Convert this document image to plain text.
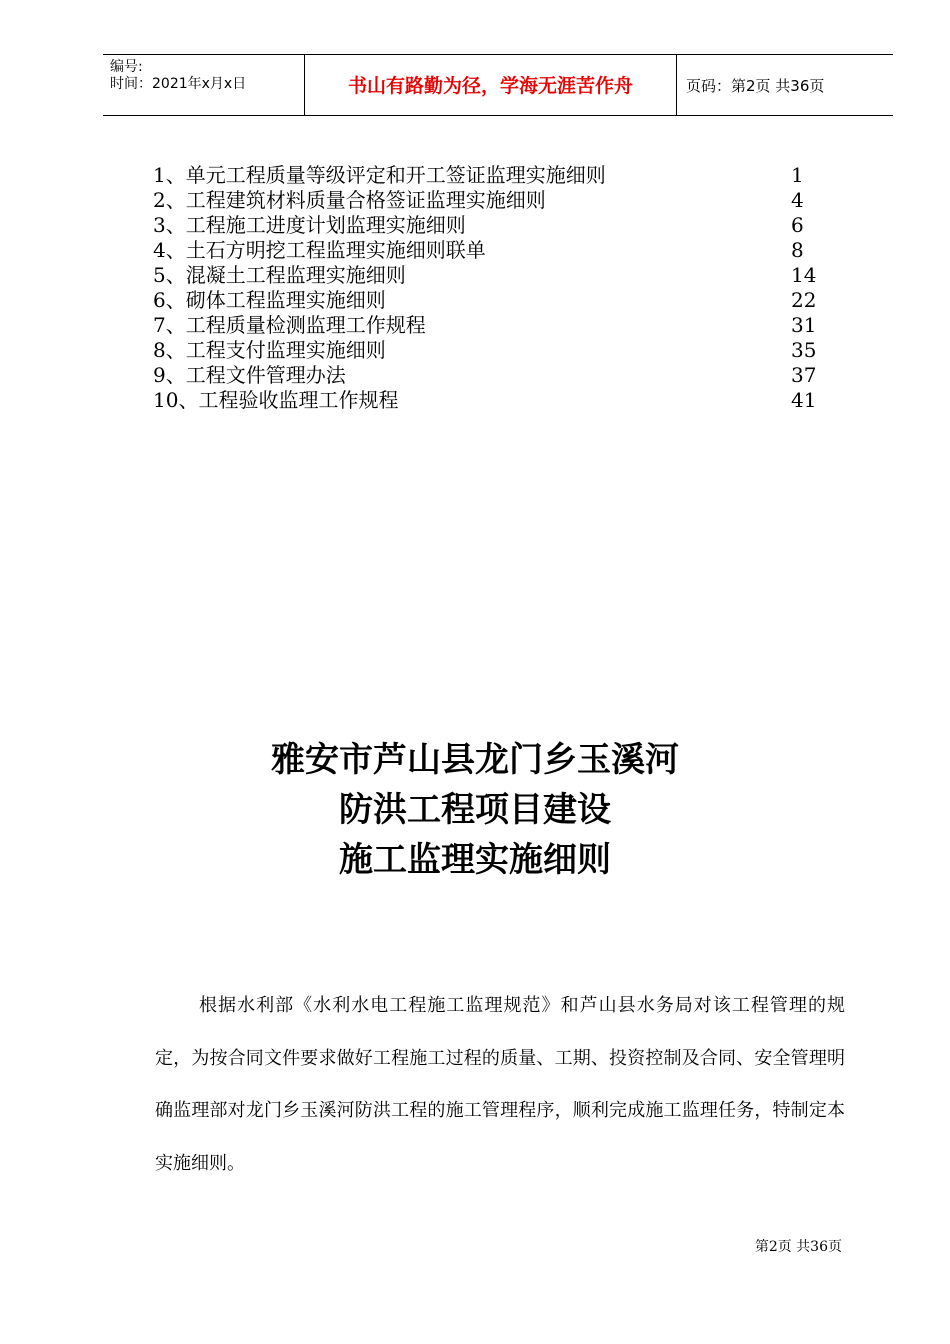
编号:
时间：2021年x月x日	书山有路勤为径，学海无涯苦作舟	页码：第2页 共36页
1、单元工程质量等级评定和开工签证监理实施细则	1
2、工程建筑材料质量合格签证监理实施细则	4
3、工程施工进度计划监理实施细则	6
4、土石方明挖工程监理实施细则联单	8
5、混凝土工程监理实施细则	14
6、砌体工程监理实施细则	22
7、工程质量检测监理工作规程	31
8、工程支付监理实施细则	35
9、工程文件管理办法	37
10、工程验收监理工作规程	41
雅安市芦山县龙门乡玉溪河
防洪工程项目建设
施工监理实施细则
根据水利部《水利水电工程施工监理规范》和芦山县水务局对该工程管理的规定，为按合同文件要求做好工程施工过程的质量、工期、投资控制及合同、安全管理明确监理部对龙门乡玉溪河防洪工程的施工管理程序，顺利完成施工监理任务，特制定本实施细则。
第2页 共36页
